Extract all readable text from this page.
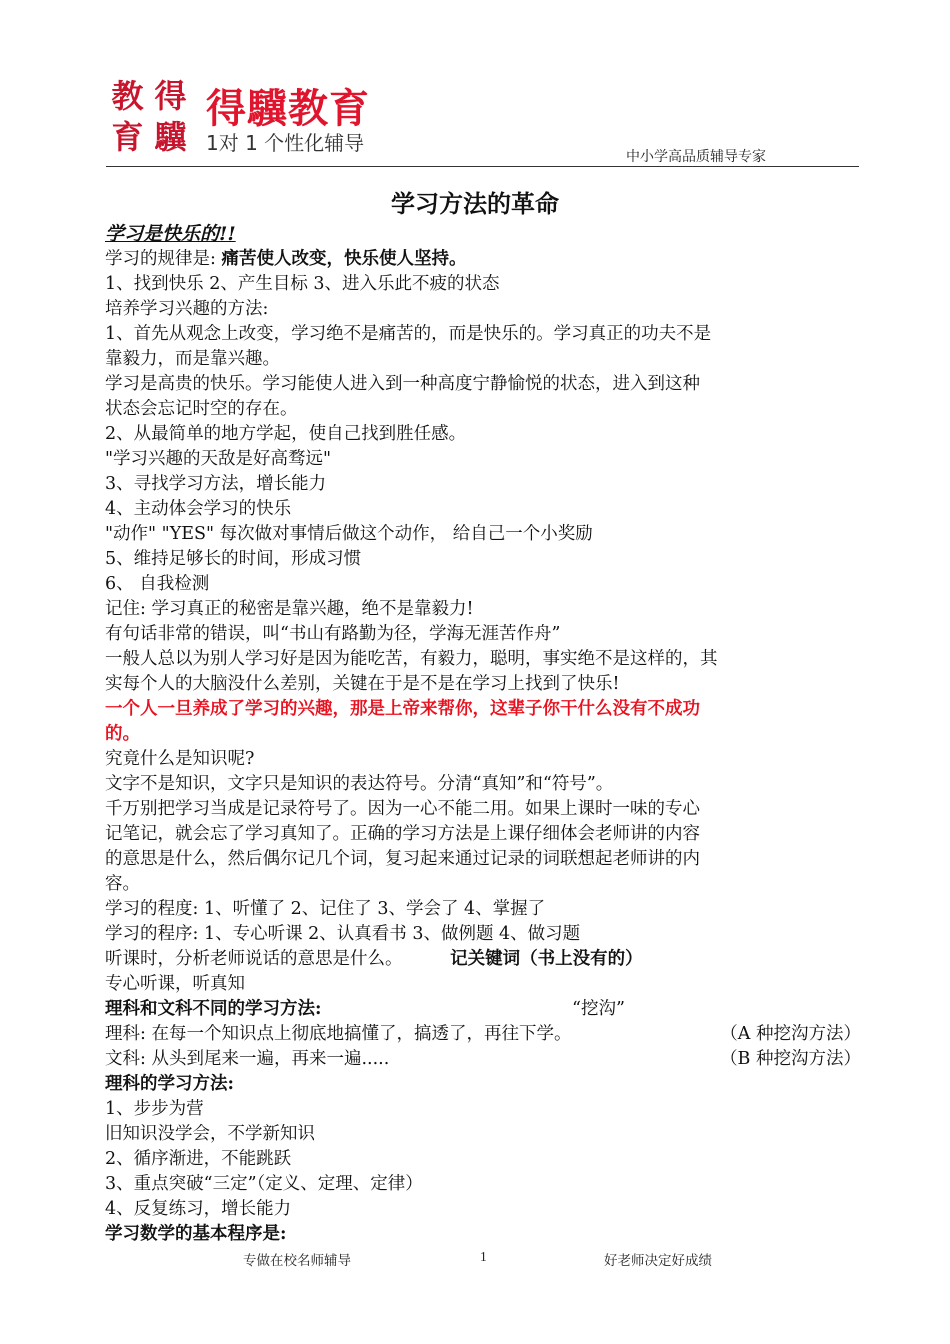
教 得
育 驥
得驥教育
1对 1 个性化辅导
中小学高品质辅导专家
学习方法的革命
学习是快乐的!!
学习的规律是: 痛苦使人改变，快乐使人坚持。
1、找到快乐 2、产生目标 3、进入乐此不疲的状态
培养学习兴趣的方法:
1、首先从观念上改变，学习绝不是痛苦的，而是快乐的。学习真正的功夫不是
靠毅力，而是靠兴趣。
学习是高贵的快乐。学习能使人进入到一种高度宁静愉悦的状态，进入到这种
状态会忘记时空的存在。
2、从最简单的地方学起，使自己找到胜任感。
"学习兴趣的天敌是好高骛远"
3、寻找学习方法，增长能力
4、主动体会学习的快乐
"动作" "YES" 每次做对事情后做这个动作， 给自己一个小奖励
5、维持足够长的时间，形成习惯
6、 自我检测
记住: 学习真正的秘密是靠兴趣，绝不是靠毅力!
有句话非常的错误，叫“书山有路勤为径，学海无涯苦作舟”
一般人总以为别人学习好是因为能吃苦，有毅力，聪明，事实绝不是这样的，其
实每个人的大脑没什么差别，关键在于是不是在学习上找到了快乐!
一个人一旦养成了学习的兴趣，那是上帝来帮你，这辈子你干什么没有不成功
的。
究竟什么是知识呢?
文字不是知识，文字只是知识的表达符号。分清“真知”和“符号”。
千万别把学习当成是记录符号了。因为一心不能二用。如果上课时一味的专心
记笔记，就会忘了学习真知了。正确的学习方法是上课仔细体会老师讲的内容
的意思是什么，然后偶尔记几个词，复习起来通过记录的词联想起老师讲的内
容。
学习的程度: 1、听懂了 2、记住了 3、学会了 4、掌握了
学习的程序: 1、专心听课 2、认真看书 3、做例题 4、做习题
听课时，分析老师说话的意思是什么。	记关键词（书上没有的）
专心听课，听真知
理科和文科不同的学习方法:	“挖沟”
理科: 在每一个知识点上彻底地搞懂了，搞透了，再往下学。	（A 种挖沟方法）
文科: 从头到尾来一遍，再来一遍.....	（B 种挖沟方法）
理科的学习方法:
1、步步为营
旧知识没学会，不学新知识
2、循序渐进，不能跳跃
3、重点突破“三定”（定义、定理、定律）
4、反复练习，增长能力
学习数学的基本程序是:
专做在校名师辅导	1	好老师决定好成绩
